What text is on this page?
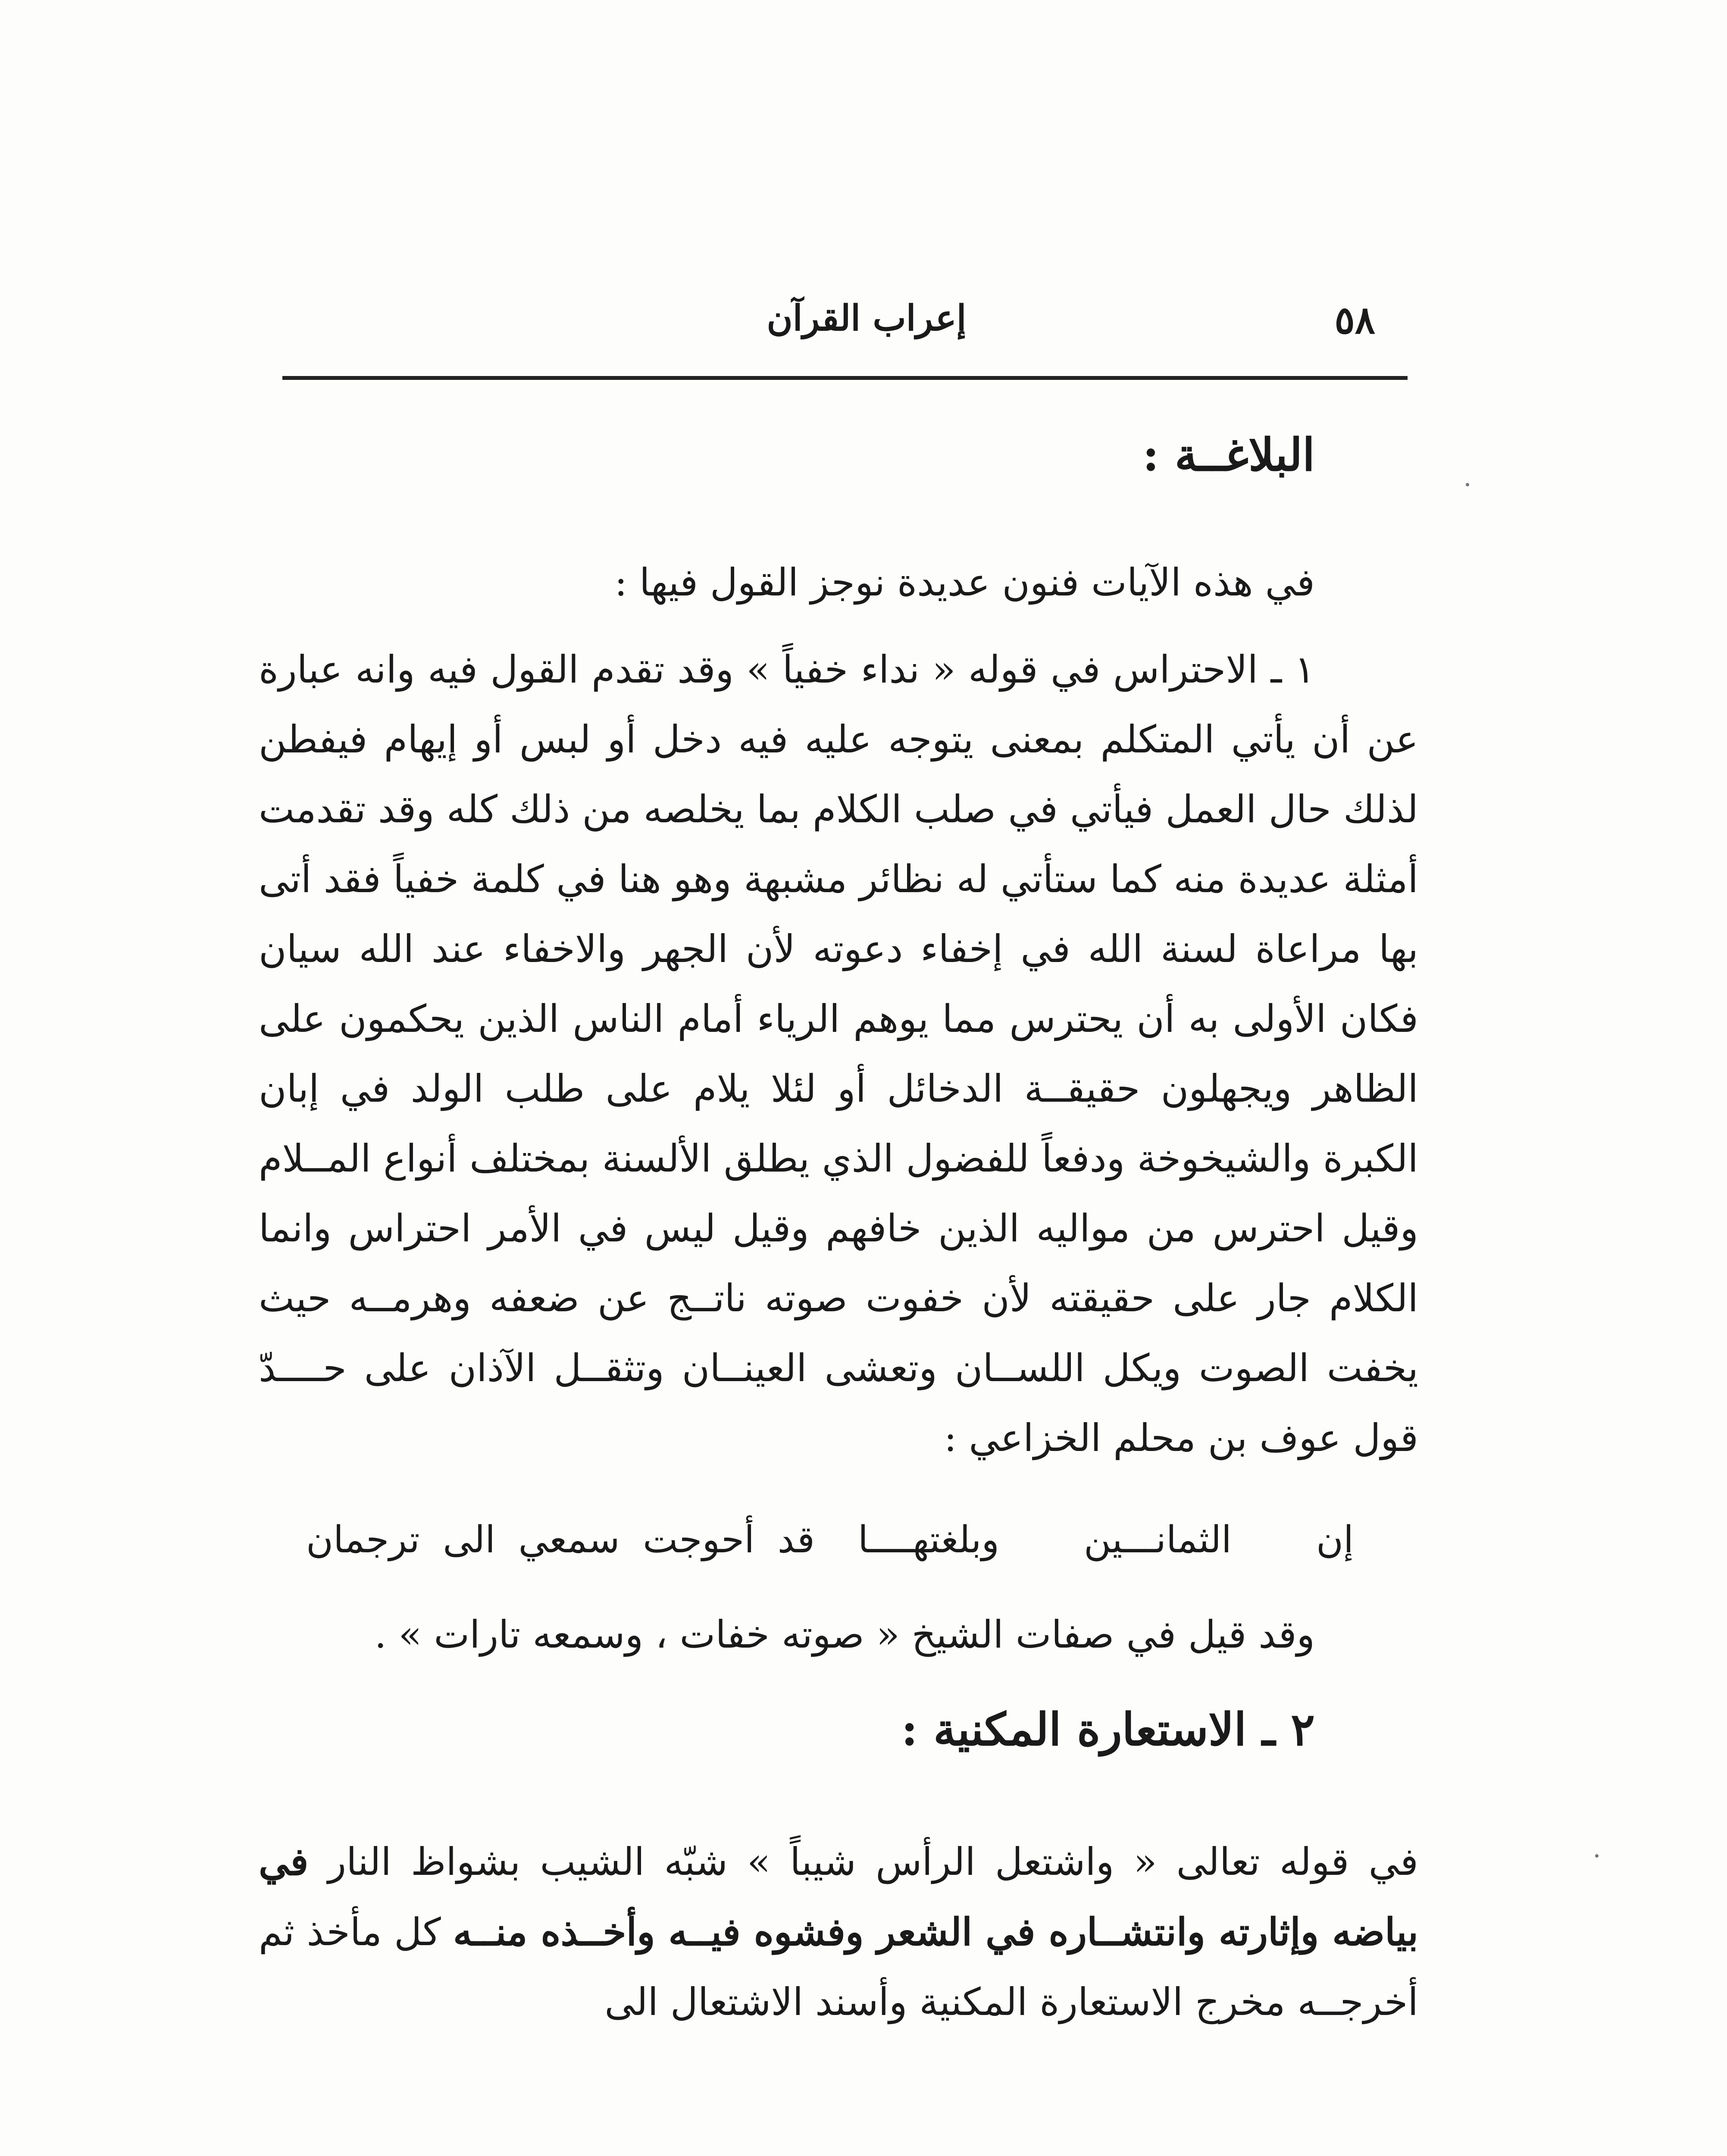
٥٨
إعراب القرآن
البلاغــة :

في هذه الآيات فنون عديدة نوجز القول فيها :

١ ـ الاحتراس في قوله « نداء خفياً » وقد تقدم القول فيه وانه عبارة عن أن يأتي المتكلم بمعنى يتوجه عليه فيه دخل أو لبس أو إيهام فيفطن لذلك حال العمل فيأتي في صلب الكلام بما يخلصه من ذلك كله وقد تقدمت أمثلة عديدة منه كما ستأتي له نظائر مشبهة وهو هنا في كلمة خفياً فقد أتى بها مراعاة لسنة الله في إخفاء دعوته لأن الجهر والاخفاء عند الله سيان فكان الأولى به أن يحترس مما يوهم الرياء أمام الناس الذين يحكمون على الظاهر ويجهلون حقيقــة الدخائل أو لئلا يلام على طلب الولد في إبان الكبرة والشيخوخة ودفعاً للفضول الذي يطلق الألسنة بمختلف أنواع المــلام وقيل احترس من مواليه الذين خافهم وقيل ليس في الأمر احتراس وانما الكلام جار على حقيقته لأن خفوت صوته ناتــج عن ضعفه وهرمــه حيث يخفت الصوت ويكل اللســان وتعشى العينــان وتثقــل الآذان على حــــدّ قول عوف بن محلم الخزاعي :

إن الثمانـــين وبلغتهــــا
قد أحوجت سمعي الى ترجمان

وقد قيل في صفات الشيخ « صوته خفات ، وسمعه تارات » .

٢ ـ الاستعارة المكنية :

في قوله تعالى « واشتعل الرأس شيباً » شبّه الشيب بشواظ النار في بياضه وإثارته وانتشــاره في الشعر وفشوه فيــه وأخــذه منــه كل مأخذ ثم أخرجــه مخرج الاستعارة المكنية وأسند الاشتعال الى
